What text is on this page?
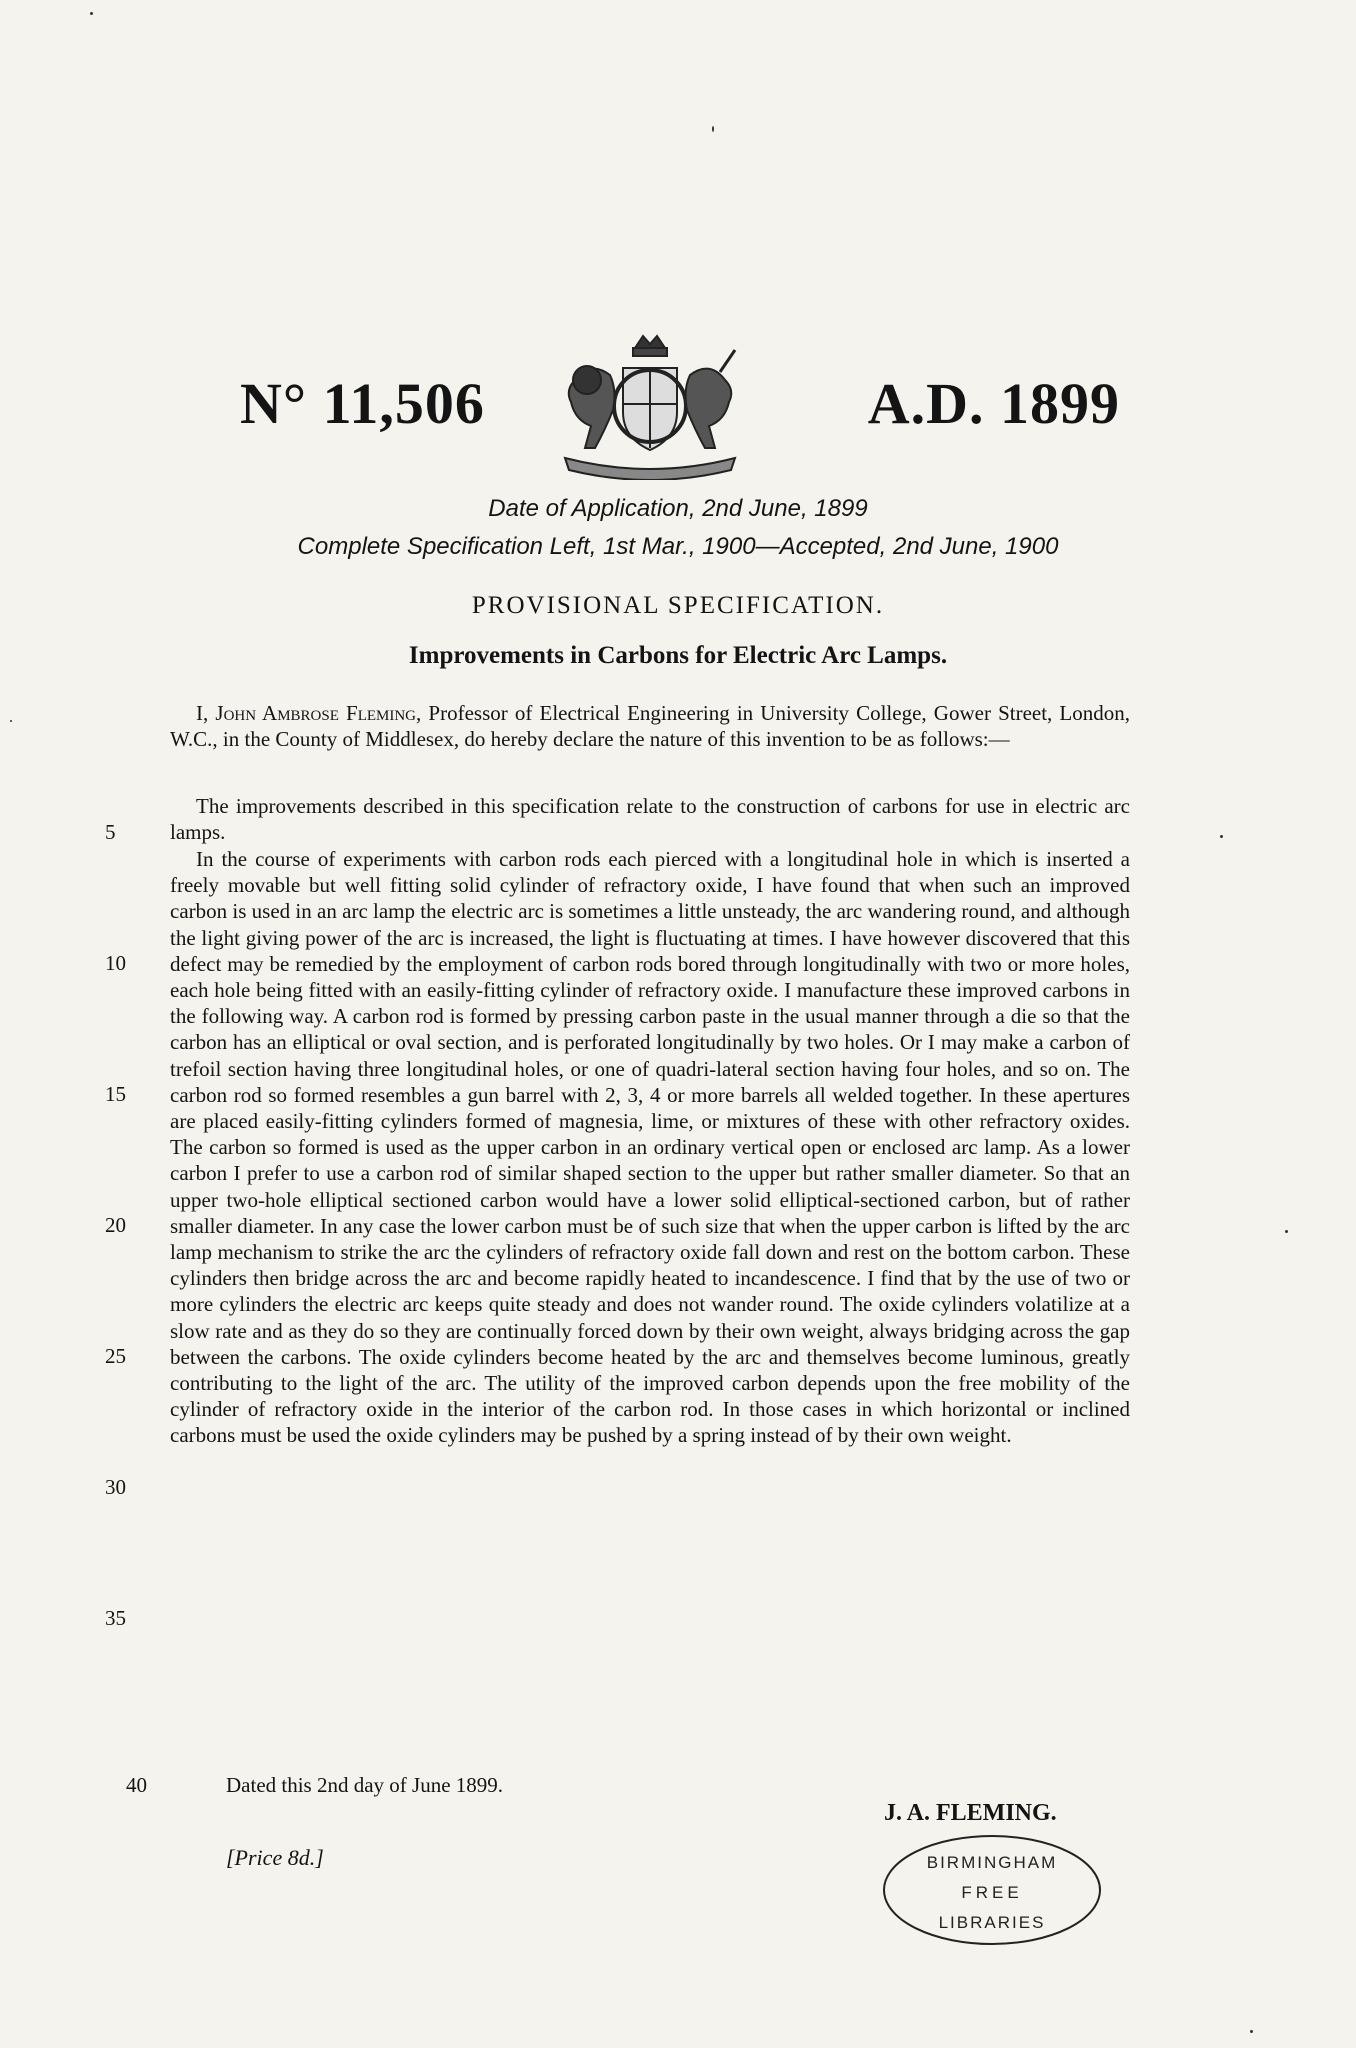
N° 11,506	A.D. 1899
Date of Application, 2nd June, 1899
Complete Specification Left, 1st Mar., 1900—Accepted, 2nd June, 1900
PROVISIONAL SPECIFICATION.
Improvements in Carbons for Electric Arc Lamps.
I, John Ambrose Fleming, Professor of Electrical Engineering in University College, Gower Street, London, W.C., in the County of Middlesex, do hereby declare the nature of this invention to be as follows:—
The improvements described in this specification relate to the construction of carbons for use in electric arc lamps.
In the course of experiments with carbon rods each pierced with a longitudinal hole in which is inserted a freely movable but well fitting solid cylinder of refractory oxide, I have found that when such an improved carbon is used in an arc lamp the electric arc is sometimes a little unsteady, the arc wandering round, and although the light giving power of the arc is increased, the light is fluctuating at times. I have however discovered that this defect may be remedied by the employment of carbon rods bored through longitudinally with two or more holes, each hole being fitted with an easily-fitting cylinder of refractory oxide. I manufacture these improved carbons in the following way. A carbon rod is formed by pressing carbon paste in the usual manner through a die so that the carbon has an elliptical or oval section, and is perforated longitudinally by two holes. Or I may make a carbon of trefoil section having three longitudinal holes, or one of quadri-lateral section having four holes, and so on. The carbon rod so formed resembles a gun barrel with 2, 3, 4 or more barrels all welded together. In these apertures are placed easily-fitting cylinders formed of magnesia, lime, or mixtures of these with other refractory oxides. The carbon so formed is used as the upper carbon in an ordinary vertical open or enclosed arc lamp. As a lower carbon I prefer to use a carbon rod of similar shaped section to the upper but rather smaller diameter. So that an upper two-hole elliptical sectioned carbon would have a lower solid elliptical-sectioned carbon, but of rather smaller diameter. In any case the lower carbon must be of such size that when the upper carbon is lifted by the arc lamp mechanism to strike the arc the cylinders of refractory oxide fall down and rest on the bottom carbon. These cylinders then bridge across the arc and become rapidly heated to incandescence. I find that by the use of two or more cylinders the electric arc keeps quite steady and does not wander round. The oxide cylinders volatilize at a slow rate and as they do so they are continually forced down by their own weight, always bridging across the gap between the carbons. The oxide cylinders become heated by the arc and themselves become luminous, greatly contributing to the light of the arc. The utility of the improved carbon depends upon the free mobility of the cylinder of refractory oxide in the interior of the carbon rod. In those cases in which horizontal or inclined carbons must be used the oxide cylinders may be pushed by a spring instead of by their own weight.
5
10
15
20
25
30
35
40	Dated this 2nd day of June 1899.
J. A. FLEMING.
[Price 8d.]	BIRMINGHAM
FREE
LIBRARIES
